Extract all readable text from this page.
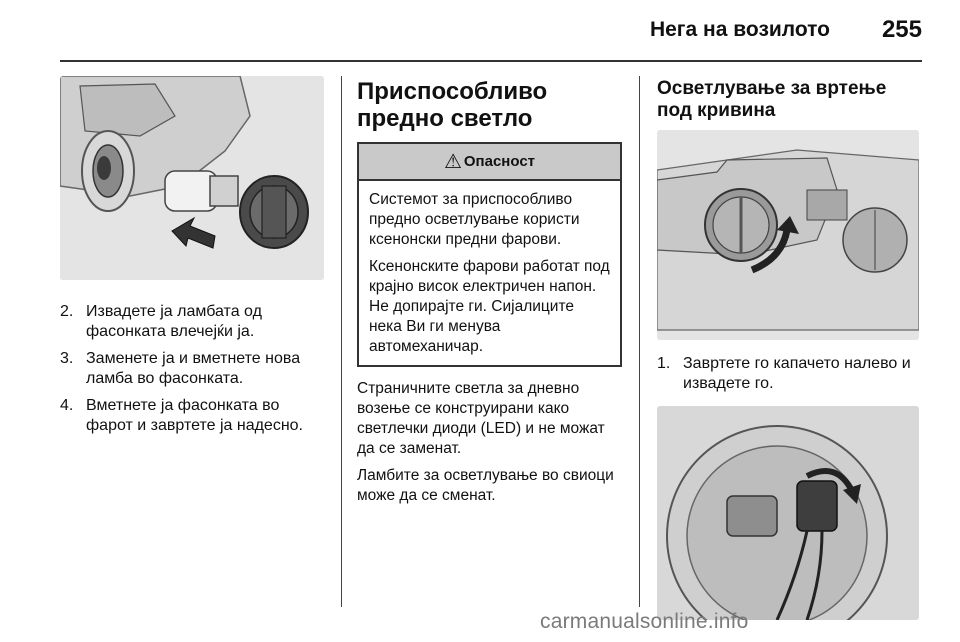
Нега на возилото	255
2. Извадете ја ламбата од фасонката влечејќи ја.
3. Заменете ја и вметнете нова ламба во фасонката.
4. Вметнете ја фасонката во фарот и завртете ја надесно.
Приспособливо предно светло
⚠ Опасност

Системот за приспособливо предно осветлување користи ксенонски предни фарови.

Ксенонските фарови работат под крајно висок електричен напон. Не допирајте ги. Сијалиците нека Ви ги менува автомеханичар.

Страничните светла за дневно возење се конструирани како светлечки диоди (LED) и не можат да се заменат.

Ламбите за осветлување во свиоци може да се сменат.

Осветлување за вртење под кривина
1. Завртете го капачето налево и извадете го.
carmanualsonline.info
